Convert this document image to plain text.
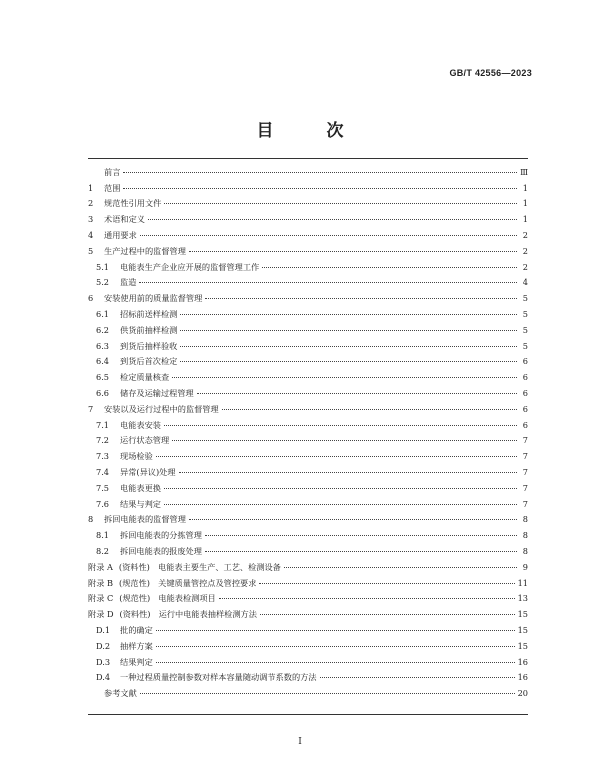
GB/T 42556—2023
目　次
前言	Ⅲ
1	范围	1
2	规范性引用文件	1
3	术语和定义	1
4	通用要求	2
5	生产过程中的监督管理	2
5.1	电能表生产企业应开展的监督管理工作	2
5.2	监造	4
6	安装使用前的质量监督管理	5
6.1	招标前送样检测	5
6.2	供货前抽样检测	5
6.3	到货后抽样验收	5
6.4	到货后首次检定	6
6.5	检定质量核查	6
6.6	储存及运输过程管理	6
7	安装以及运行过程中的监督管理	6
7.1	电能表安装	6
7.2	运行状态管理	7
7.3	现场检验	7
7.4	异常(异议)处理	7
7.5	电能表更换	7
7.6	结果与判定	7
8	拆回电能表的监督管理	8
8.1	拆回电能表的分拣管理	8
8.2	拆回电能表的报废处理	8
附录 A (资料性)　电能表主要生产、工艺、检测设备	9
附录 B (规范性)　关键质量管控点及管控要求	11
附录 C (规范性)　电能表检测项目	13
附录 D (资料性)　运行中电能表抽样检测方法	15
D.1	批的确定	15
D.2	抽样方案	15
D.3	结果判定	16
D.4	一种过程质量控制参数对样本容量随动调节系数的方法	16
参考文献	20
Ⅰ
